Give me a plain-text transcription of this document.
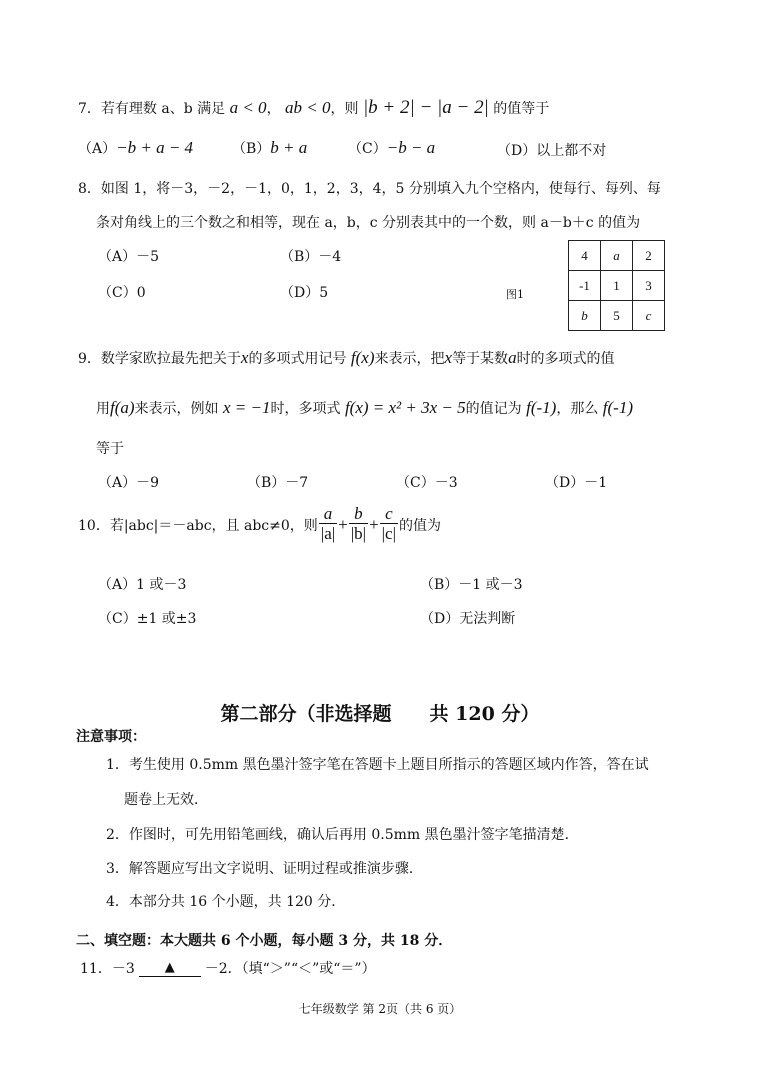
7．若有理数 a、b 满足 a < 0， ab < 0，则 |b + 2| − |a − 2| 的值等于
（A）−b + a − 4	（B）b + a	（C）−b − a	（D）以上都不对
8．如图 1，将－3，－2，－1，0，1，2，3，4，5 分别填入九个空格内，使每行、每列、每
条对角线上的三个数之和相等，现在 a，b，c 分别表其中的一个数，则 a－b＋c 的值为
（A）－5	（B）－4
（C）0	（D）5	图1
4	a	2
-1	1	3
b	5	c
9．数学家欧拉最先把关于x的多项式用记号 f(x)来表示，把x等于某数a时的多项式的值
用f(a)来表示，例如 x = −1时，多项式 f(x) = x² + 3x − 5的值记为 f(-1)，那么 f(-1)
等于
（A）－9	（B）－7	（C）－3	（D）－1
10．若|abc|＝－abc，且 abc≠0，则 $\frac{a}{|a|} + \frac{b}{|b|} + \frac{c}{|c|}$ 的值为
（A）1 或－3	（B）－1 或－3
（C）±1 或±3	（D）无法判断
第二部分（非选择题　　共 120 分）
注意事项：
1．考生使用 0.5mm 黑色墨汁签字笔在答题卡上题目所指示的答题区域内作答，答在试
题卷上无效．
2．作图时，可先用铅笔画线，确认后再用 0.5mm 黑色墨汁签字笔描清楚．
3．解答题应写出文字说明、证明过程或推演步骤．
4．本部分共 16 个小题，共 120 分．
二、填空题：本大题共 6 个小题，每小题 3 分，共 18 分．
11．－3	▲	－2．（填“＞”“＜”或“＝”）
七年级数学 第 2页（共 6 页）
